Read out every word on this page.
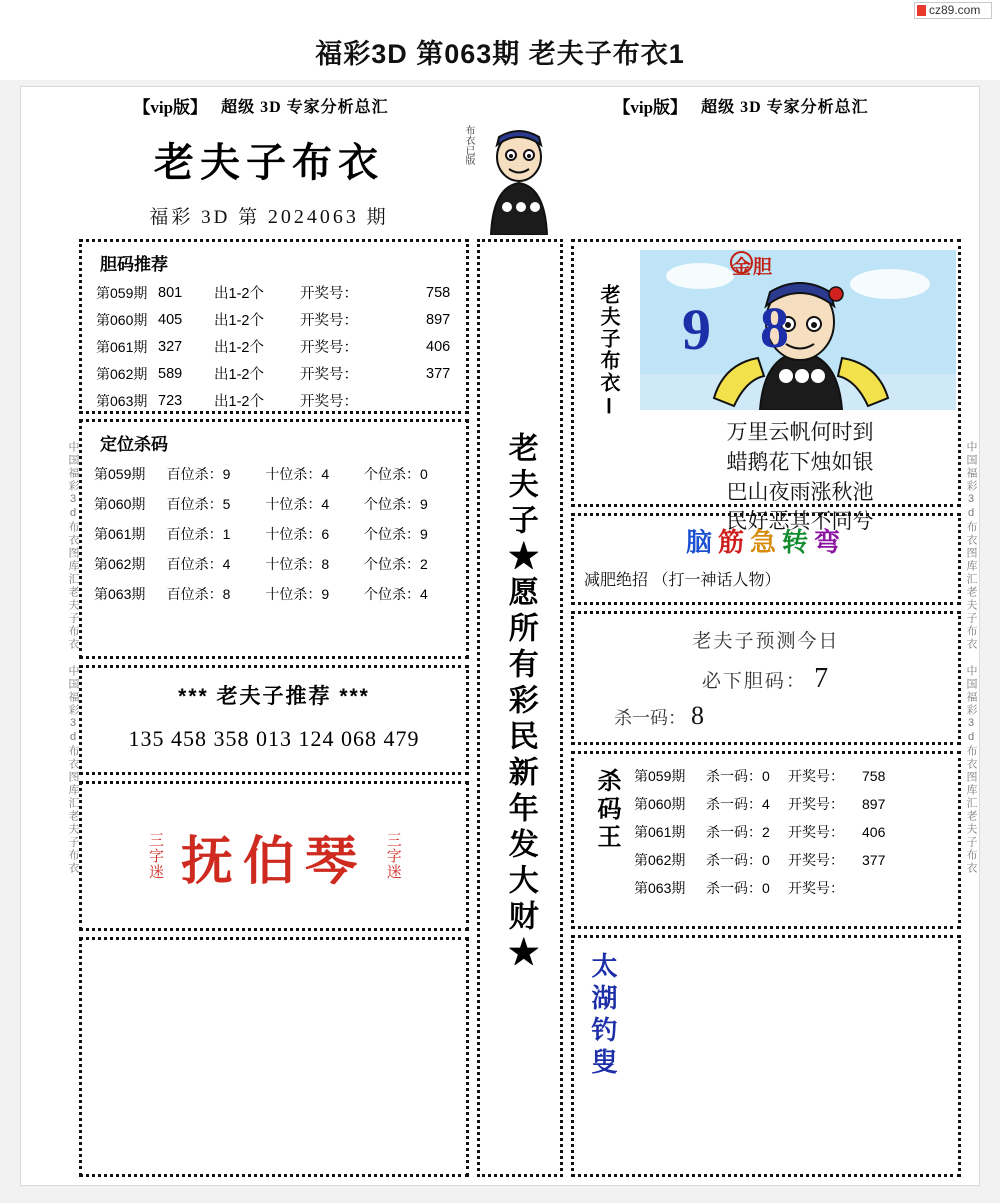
cz89.com
福彩3D 第063期 老夫子布衣1
【vip版】 超级 3D 专家分析总汇	【vip版】 超级 3D 专家分析总汇
中国福彩3d布衣图库汇老夫子布衣 中国福彩3d布衣图库汇老夫子布衣	中国福彩3d布衣图库汇老夫子布衣 中国福彩3d布衣图库汇老夫子布衣
老夫子布衣
福彩 3D 第 2024063 期
布衣已版
胆码推荐
第059期	801	出1-2个	开奖号：	758
第060期	405	出1-2个	开奖号：	897
第061期	327	出1-2个	开奖号：	406
第062期	589	出1-2个	开奖号：	377
第063期	723	出1-2个	开奖号：	
定位杀码
第059期	百位杀：9	十位杀：4	个位杀：0
第060期	百位杀：5	十位杀：4	个位杀：9
第061期	百位杀：1	十位杀：6	个位杀：9
第062期	百位杀：4	十位杀：8	个位杀：2
第063期	百位杀：8	十位杀：9	个位杀：4
*** 老夫子推荐 ***
135 458 358 013 124 068 479
三字迷 抚伯琴 三字迷	老夫子★愿所有彩民新年发大财★
老夫子布衣Ⅰ
金胆
9 8
万里云帆何时到
蜡鹅花下烛如银
巴山夜雨涨秋池
民好恶其不同兮
脑筋急转弯
减肥绝招 （打一神话人物）
老夫子预测今日
必下胆码： 7
杀一码： 8
杀码王	第059期	杀一码：0	开奖号：	758
第060期	杀一码：4	开奖号：	897
第061期	杀一码：2	开奖号：	406
第062期	杀一码：0	开奖号：	377
第063期	杀一码：0	开奖号：	
太湖钓叟
